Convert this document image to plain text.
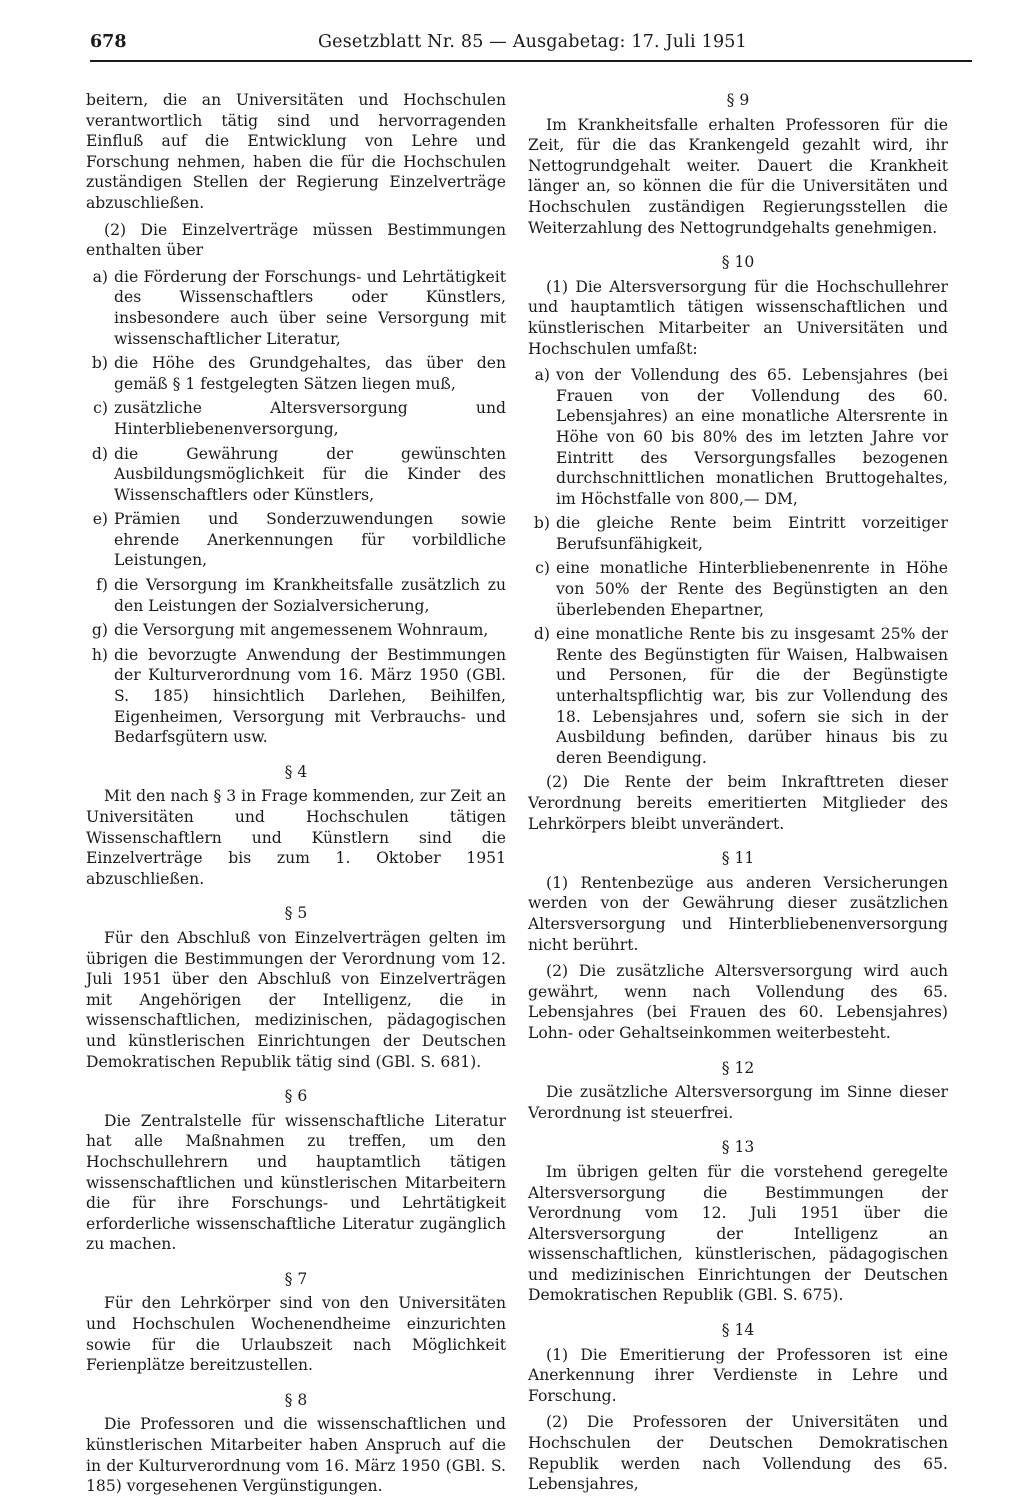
678	Gesetzblatt Nr. 85 — Ausgabetag: 17. Juli 1951

beitern, die an Universitäten und Hochschulen verantwortlich tätig sind und hervorragenden Einfluß auf die Entwicklung von Lehre und Forschung nehmen, haben die für die Hochschulen zuständigen Stellen der Regierung Einzelverträge abzuschließen.

(2) Die Einzelverträge müssen Bestimmungen enthalten über

a) die Förderung der Forschungs- und Lehrtätigkeit des Wissenschaftlers oder Künstlers, insbesondere auch über seine Versorgung mit wissenschaftlicher Literatur,
b) die Höhe des Grundgehaltes, das über den gemäß § 1 festgelegten Sätzen liegen muß,
c) zusätzliche Altersversorgung und Hinterbliebenenversorgung,
d) die Gewährung der gewünschten Ausbildungsmöglichkeit für die Kinder des Wissenschaftlers oder Künstlers,
e) Prämien und Sonderzuwendungen sowie ehrende Anerkennungen für vorbildliche Leistungen,
f) die Versorgung im Krankheitsfalle zusätzlich zu den Leistungen der Sozialversicherung,
g) die Versorgung mit angemessenem Wohnraum,
h) die bevorzugte Anwendung der Bestimmungen der Kulturverordnung vom 16. März 1950 (GBl. S. 185) hinsichtlich Darlehen, Beihilfen, Eigenheimen, Versorgung mit Verbrauchs- und Bedarfsgütern usw.
§ 4

Mit den nach § 3 in Frage kommenden, zur Zeit an Universitäten und Hochschulen tätigen Wissenschaftlern und Künstlern sind die Einzelverträge bis zum 1. Oktober 1951 abzuschließen.

§ 5

Für den Abschluß von Einzelverträgen gelten im übrigen die Bestimmungen der Verordnung vom 12. Juli 1951 über den Abschluß von Einzelverträgen mit Angehörigen der Intelligenz, die in wissenschaftlichen, medizinischen, pädagogischen und künstlerischen Einrichtungen der Deutschen Demokratischen Republik tätig sind (GBl. S. 681).

§ 6

Die Zentralstelle für wissenschaftliche Literatur hat alle Maßnahmen zu treffen, um den Hochschullehrern und hauptamtlich tätigen wissenschaftlichen und künstlerischen Mitarbeitern die für ihre Forschungs- und Lehrtätigkeit erforderliche wissenschaftliche Literatur zugänglich zu machen.

§ 7

Für den Lehrkörper sind von den Universitäten und Hochschulen Wochenendheime einzurichten sowie für die Urlaubszeit nach Möglichkeit Ferienplätze bereitzustellen.

§ 8

Die Professoren und die wissenschaftlichen und künstlerischen Mitarbeiter haben Anspruch auf die in der Kulturverordnung vom 16. März 1950 (GBl. S. 185) vorgesehenen Vergünstigungen.

§ 9

Im Krankheitsfalle erhalten Professoren für die Zeit, für die das Krankengeld gezahlt wird, ihr Nettogrundgehalt weiter. Dauert die Krankheit länger an, so können die für die Universitäten und Hochschulen zuständigen Regierungsstellen die Weiterzahlung des Nettogrundgehalts genehmigen.

§ 10

(1) Die Altersversorgung für die Hochschullehrer und hauptamtlich tätigen wissenschaftlichen und künstlerischen Mitarbeiter an Universitäten und Hochschulen umfaßt:

a) von der Vollendung des 65. Lebensjahres (bei Frauen von der Vollendung des 60. Lebensjahres) an eine monatliche Altersrente in Höhe von 60 bis 80% des im letzten Jahre vor Eintritt des Versorgungsfalles bezogenen durchschnittlichen monatlichen Bruttogehaltes, im Höchstfalle von 800,— DM,
b) die gleiche Rente beim Eintritt vorzeitiger Berufsunfähigkeit,
c) eine monatliche Hinterbliebenenrente in Höhe von 50% der Rente des Begünstigten an den überlebenden Ehepartner,
d) eine monatliche Rente bis zu insgesamt 25% der Rente des Begünstigten für Waisen, Halbwaisen und Personen, für die der Begünstigte unterhaltspflichtig war, bis zur Vollendung des 18. Lebensjahres und, sofern sie sich in der Ausbildung befinden, darüber hinaus bis zu deren Beendigung.

(2) Die Rente der beim Inkrafttreten dieser Verordnung bereits emeritierten Mitglieder des Lehrkörpers bleibt unverändert.

§ 11

(1) Rentenbezüge aus anderen Versicherungen werden von der Gewährung dieser zusätzlichen Altersversorgung und Hinterbliebenenversorgung nicht berührt.

(2) Die zusätzliche Altersversorgung wird auch gewährt, wenn nach Vollendung des 65. Lebensjahres (bei Frauen des 60. Lebensjahres) Lohn- oder Gehaltseinkommen weiterbesteht.

§ 12

Die zusätzliche Altersversorgung im Sinne dieser Verordnung ist steuerfrei.

§ 13

Im übrigen gelten für die vorstehend geregelte Altersversorgung die Bestimmungen der Verordnung vom 12. Juli 1951 über die Altersversorgung der Intelligenz an wissenschaftlichen, künstlerischen, pädagogischen und medizinischen Einrichtungen der Deutschen Demokratischen Republik (GBl. S. 675).

§ 14

(1) Die Emeritierung der Professoren ist eine Anerkennung ihrer Verdienste in Lehre und Forschung.

(2) Die Professoren der Universitäten und Hochschulen der Deutschen Demokratischen Republik werden nach Vollendung des 65. Lebensjahres,
